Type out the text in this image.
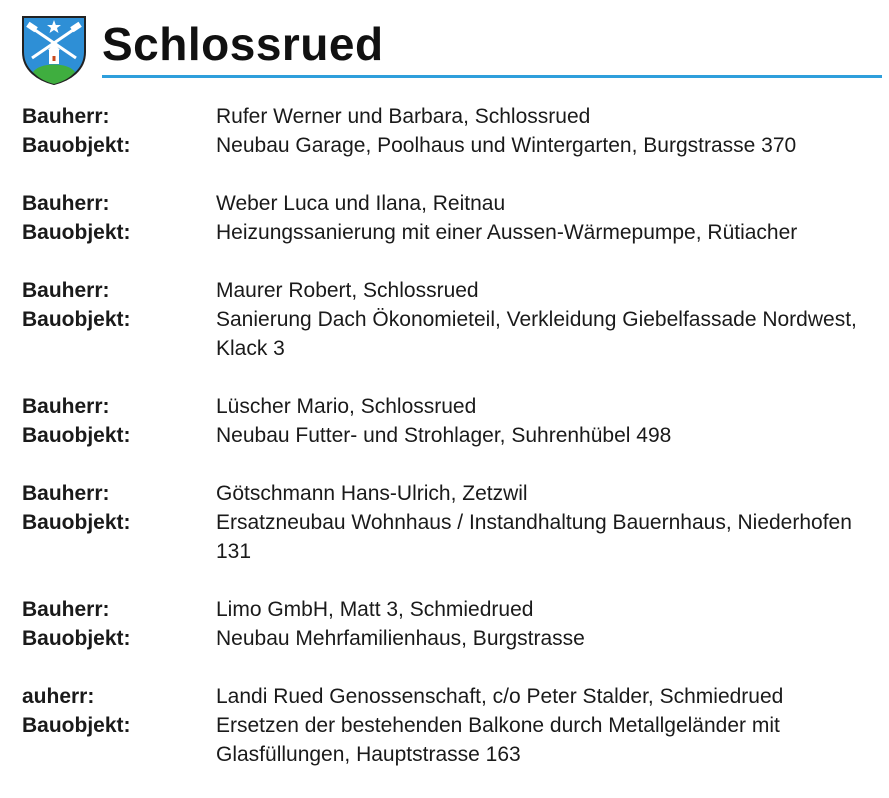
Schlossrued
Bauherr:	Rufer Werner und Barbara, Schlossrued
Bauobjekt:	Neubau Garage, Poolhaus und Wintergarten, Burgstrasse 370
Bauherr:	Weber Luca und Ilana, Reitnau
Bauobjekt:	Heizungssanierung mit einer Aussen-Wärmepumpe, Rütiacher
Bauherr:	Maurer Robert, Schlossrued
Bauobjekt:	Sanierung Dach Ökonomieteil, Verkleidung Giebelfassade Nordwest, Klack 3
Bauherr:	Lüscher Mario, Schlossrued
Bauobjekt:	Neubau Futter- und Strohlager, Suhrenhübel 498
Bauherr:	Götschmann Hans-Ulrich, Zetzwil
Bauobjekt:	Ersatzneubau Wohnhaus / Instandhaltung Bauernhaus, Niederhofen 131
Bauherr:	Limo GmbH, Matt 3, Schmiedrued
Bauobjekt:	Neubau Mehrfamilienhaus, Burgstrasse
auherr:	Landi Rued Genossenschaft, c/o Peter Stalder, Schmiedrued
Bauobjekt:	Ersetzen der bestehenden Balkone durch Metallgeländer mit Glasfüllungen, Hauptstrasse 163
